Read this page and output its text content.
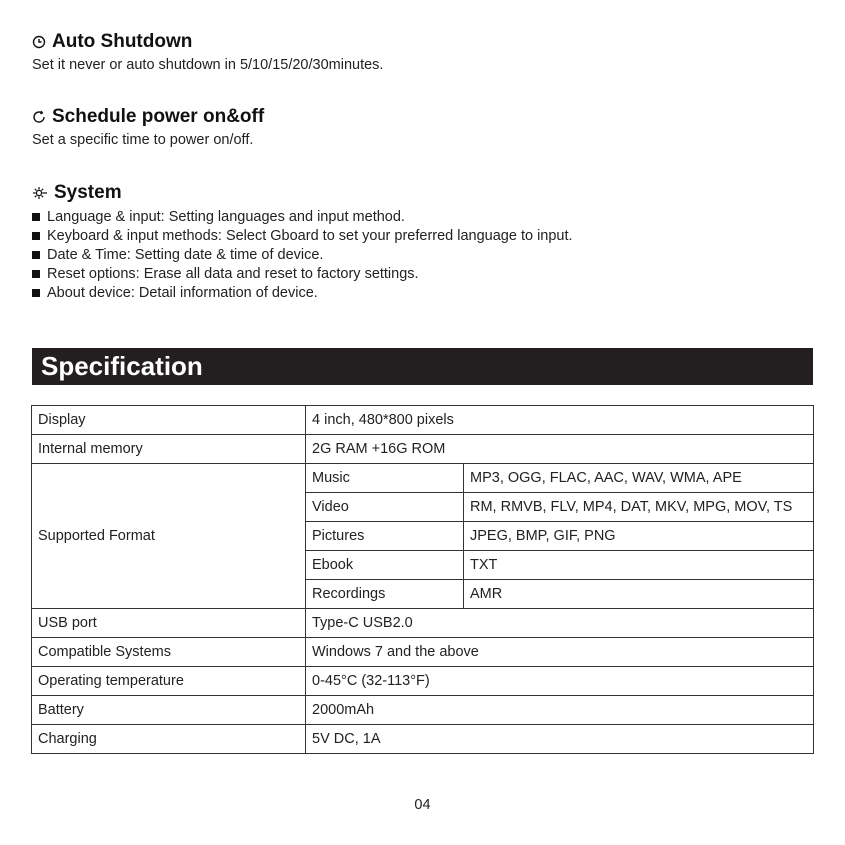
Auto Shutdown
Set it never or auto shutdown in 5/10/15/20/30minutes.
Schedule power on&off
Set a specific time to power on/off.
System
Language & input: Setting languages and input method.
Keyboard & input methods: Select Gboard to set your preferred language to input.
Date & Time: Setting date & time of device.
Reset options: Erase all data and reset to factory settings.
About device: Detail information of device.
Specification
Display	4 inch, 480*800 pixels	
Internal memory	2G RAM +16G ROM	
Supported Format	Music	MP3, OGG, FLAC, AAC, WAV, WMA, APE
	Video	RM, RMVB, FLV, MP4, DAT, MKV, MPG, MOV, TS
	Pictures	JPEG, BMP, GIF, PNG
	Ebook	TXT
	Recordings	AMR
USB port	Type-C USB2.0	
Compatible Systems	Windows 7 and the above	
Operating temperature	0-45°C (32-113°F)	
Battery	2000mAh	
Charging	5V DC, 1A	
04
